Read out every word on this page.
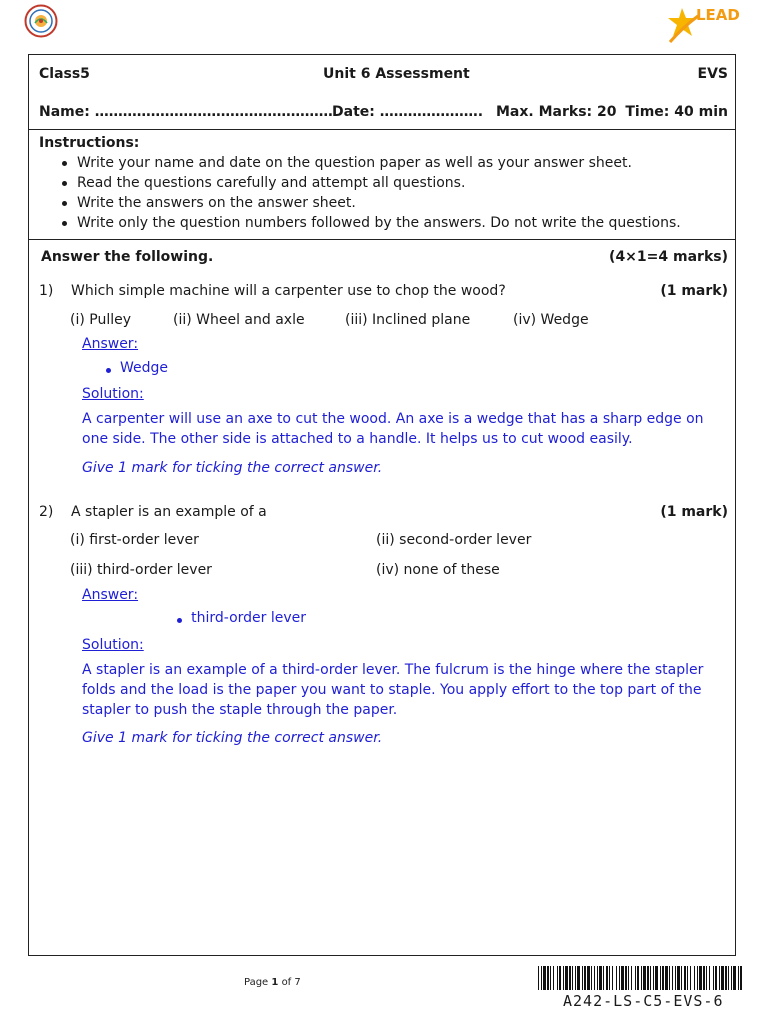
LEAD
Class5	Unit 6 Assessment	EVS
Name: …………………………………………… Date: …………………. Max. Marks: 20 Time: 40 min
Instructions:
Write your name and date on the question paper as well as your answer sheet.
Read the questions carefully and attempt all questions.
Write the answers on the answer sheet.
Write only the question numbers followed by the answers. Do not write the questions.
Answer the following.	(4×1=4 marks)
1) Which simple machine will a carpenter use to chop the wood?	(1 mark)
(i) Pulley	(ii) Wheel and axle	(iii) Inclined plane	(iv) Wedge
Answer:
Wedge
Solution:
A carpenter will use an axe to cut the wood. An axe is a wedge that has a sharp edge on
one side. The other side is attached to a handle. It helps us to cut wood easily.
Give 1 mark for ticking the correct answer.
2) A stapler is an example of a	(1 mark)
(i) first-order lever	(ii) second-order lever
(iii) third-order lever	(iv) none of these
Answer:
third-order lever
Solution:
A stapler is an example of a third-order lever. The fulcrum is the hinge where the stapler
folds and the load is the paper you want to staple. You apply effort to the top part of the
stapler to push the staple through the paper.
Give 1 mark for ticking the correct answer.
Page 1 of 7
A242-LS-C5-EVS-6
